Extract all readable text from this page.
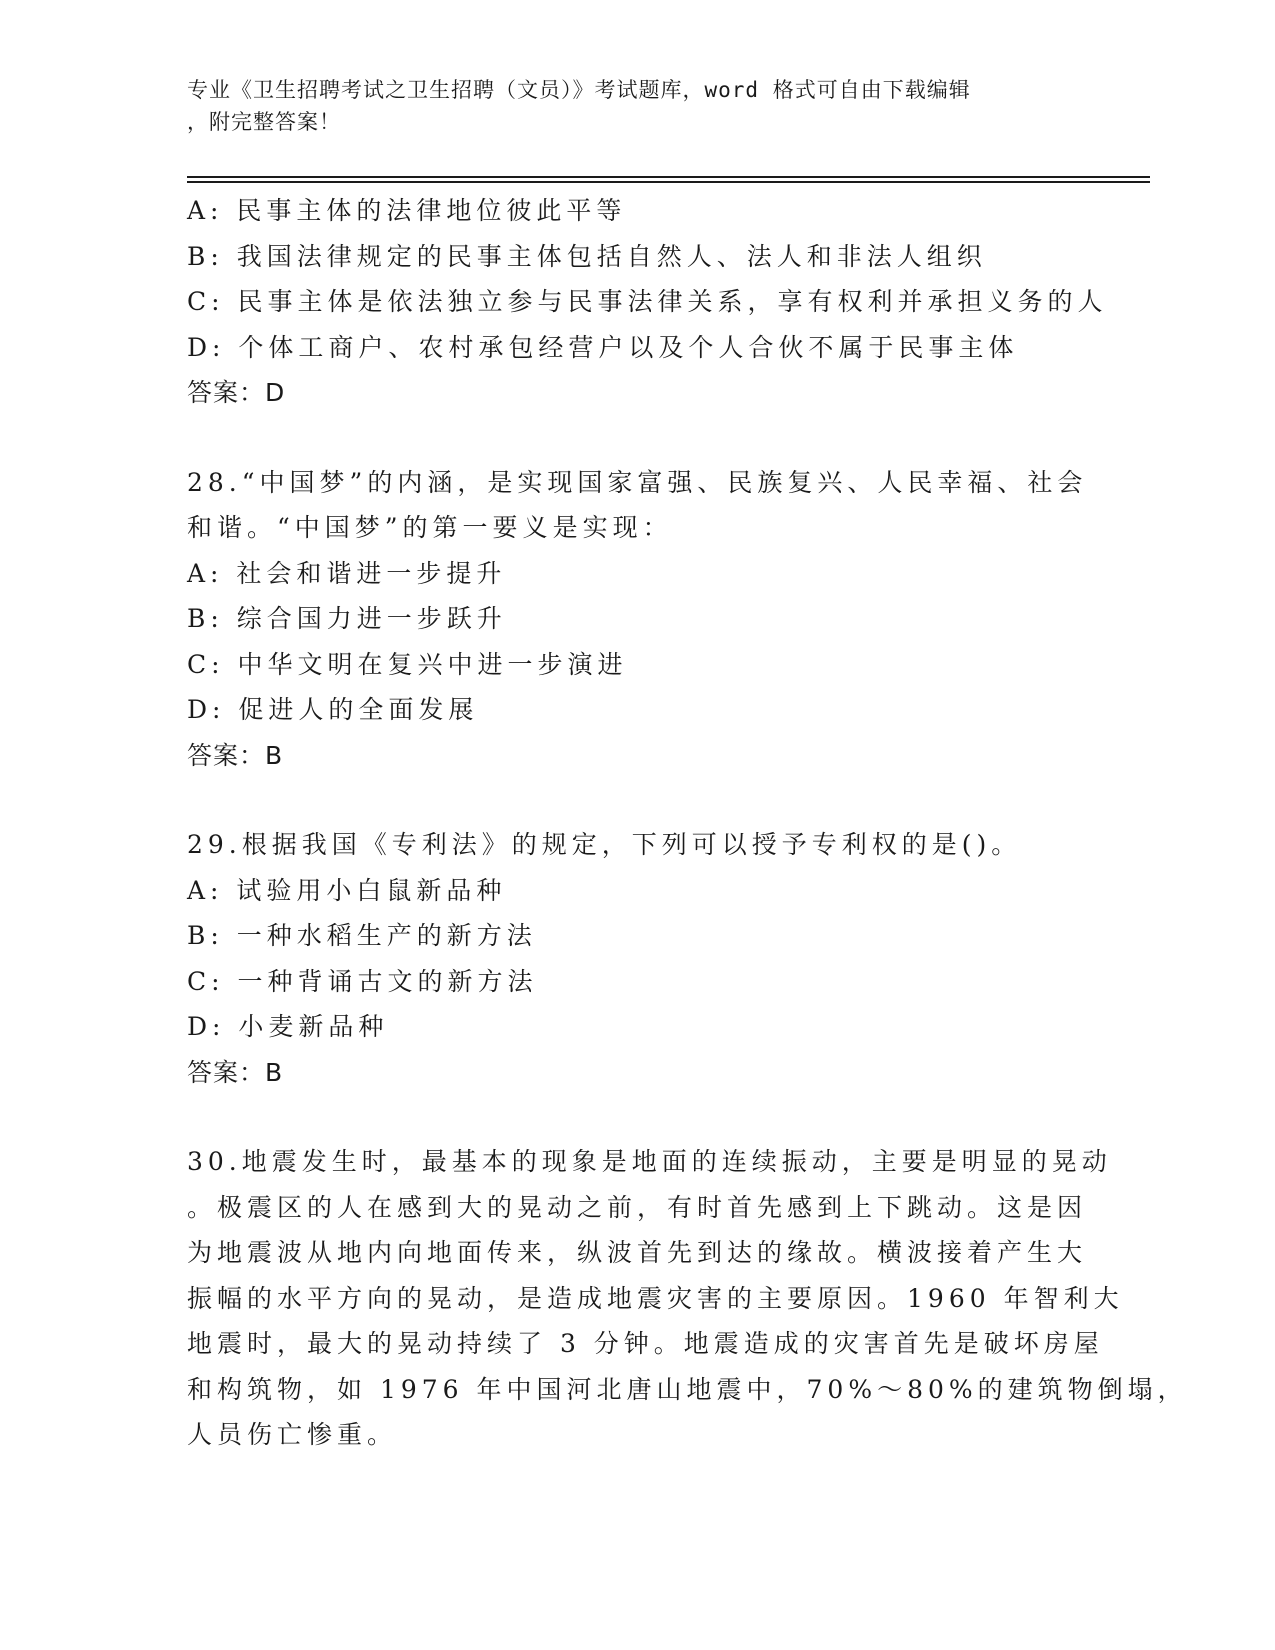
专业《卫生招聘考试之卫生招聘（文员）》考试题库，word 格式可自由下载编辑
，附完整答案！
A: 民事主体的法律地位彼此平等
B: 我国法律规定的民事主体包括自然人、法人和非法人组织
C: 民事主体是依法独立参与民事法律关系，享有权利并承担义务的人
D: 个体工商户、农村承包经营户以及个人合伙不属于民事主体
答案：D
28.“中国梦”的内涵，是实现国家富强、民族复兴、人民幸福、社会
和谐。“中国梦”的第一要义是实现：
A: 社会和谐进一步提升
B: 综合国力进一步跃升
C: 中华文明在复兴中进一步演进
D: 促进人的全面发展
答案：B
29.根据我国《专利法》的规定，下列可以授予专利权的是()。
A: 试验用小白鼠新品种
B: 一种水稻生产的新方法
C: 一种背诵古文的新方法
D: 小麦新品种
答案：B
30.地震发生时，最基本的现象是地面的连续振动，主要是明显的晃动
。极震区的人在感到大的晃动之前，有时首先感到上下跳动。这是因
为地震波从地内向地面传来，纵波首先到达的缘故。横波接着产生大
振幅的水平方向的晃动，是造成地震灾害的主要原因。1960 年智利大
地震时，最大的晃动持续了 3 分钟。地震造成的灾害首先是破坏房屋
和构筑物，如 1976 年中国河北唐山地震中，70%～80%的建筑物倒塌，
人员伤亡惨重。
